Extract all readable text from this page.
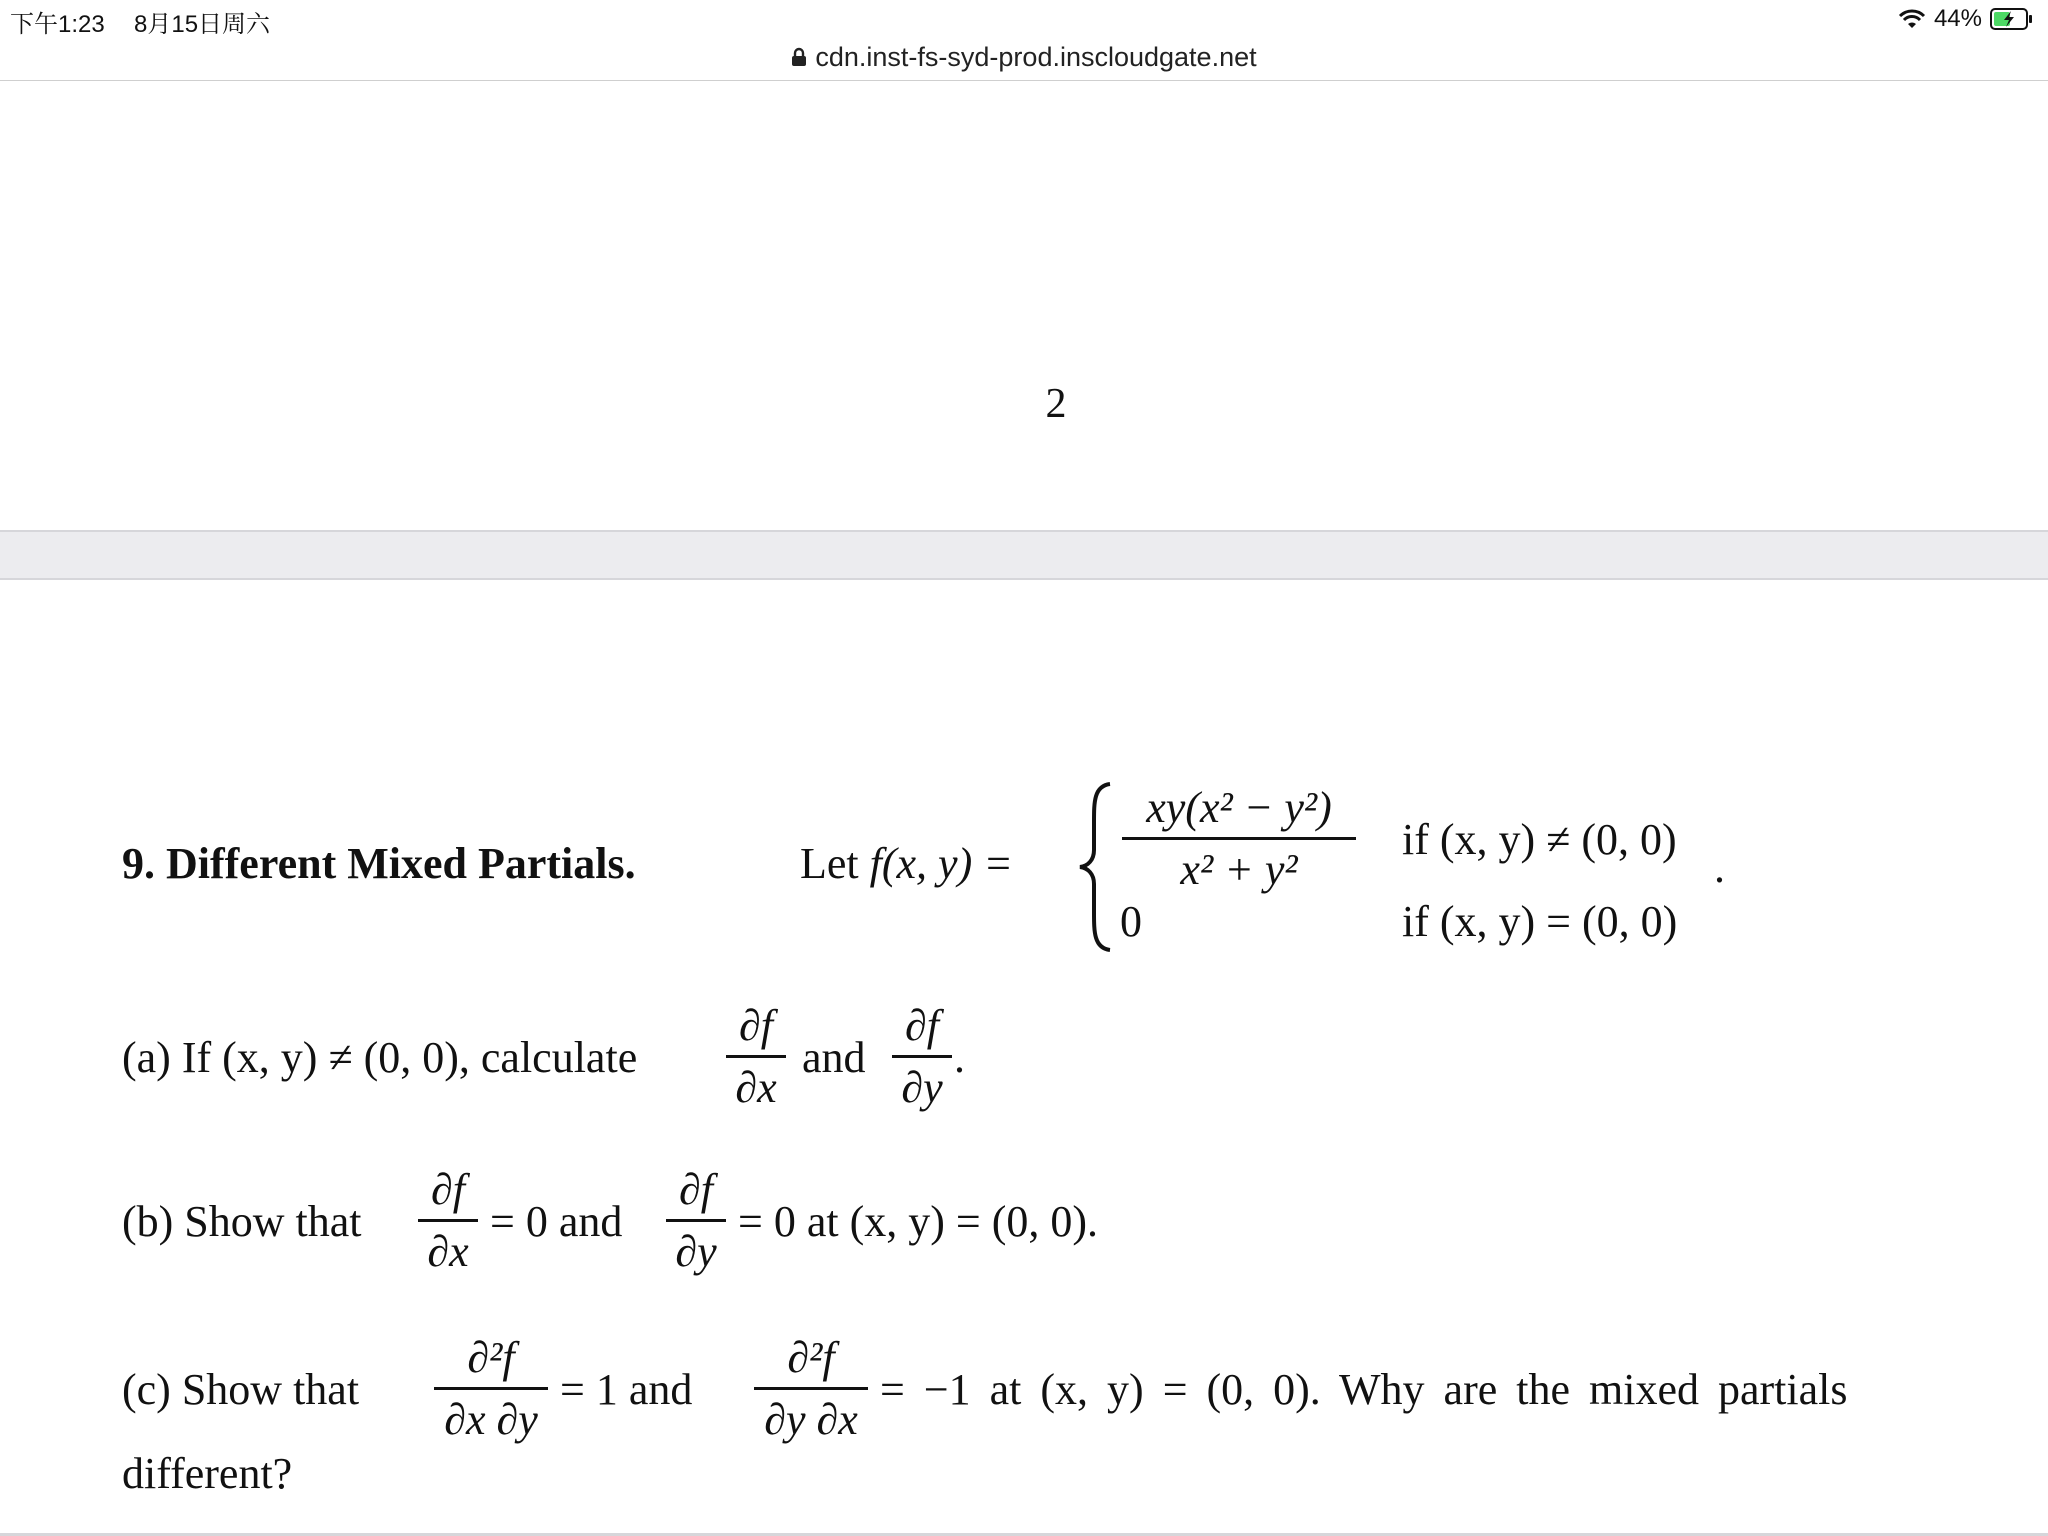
下午1:23 8月15日周六	44%
cdn.inst-fs-syd-prod.inscloudgate.net
2
9. Different Mixed Partials.	Let f(x, y) =
xy(x² − y²)
x² + y²
if (x, y) ≠ (0, 0)
0	if (x, y) = (0, 0)
.
(a) If (x, y) ≠ (0, 0), calculate
∂f
∂x
and
∂f
∂y
.
(b) Show that
∂f
∂x
= 0 and
∂f
∂y
= 0 at (x, y) = (0, 0).
(c) Show that
∂²f
∂x ∂y
= 1 and
∂²f
∂y ∂x
= −1 at (x, y) = (0, 0). Why are the mixed partials
different?
